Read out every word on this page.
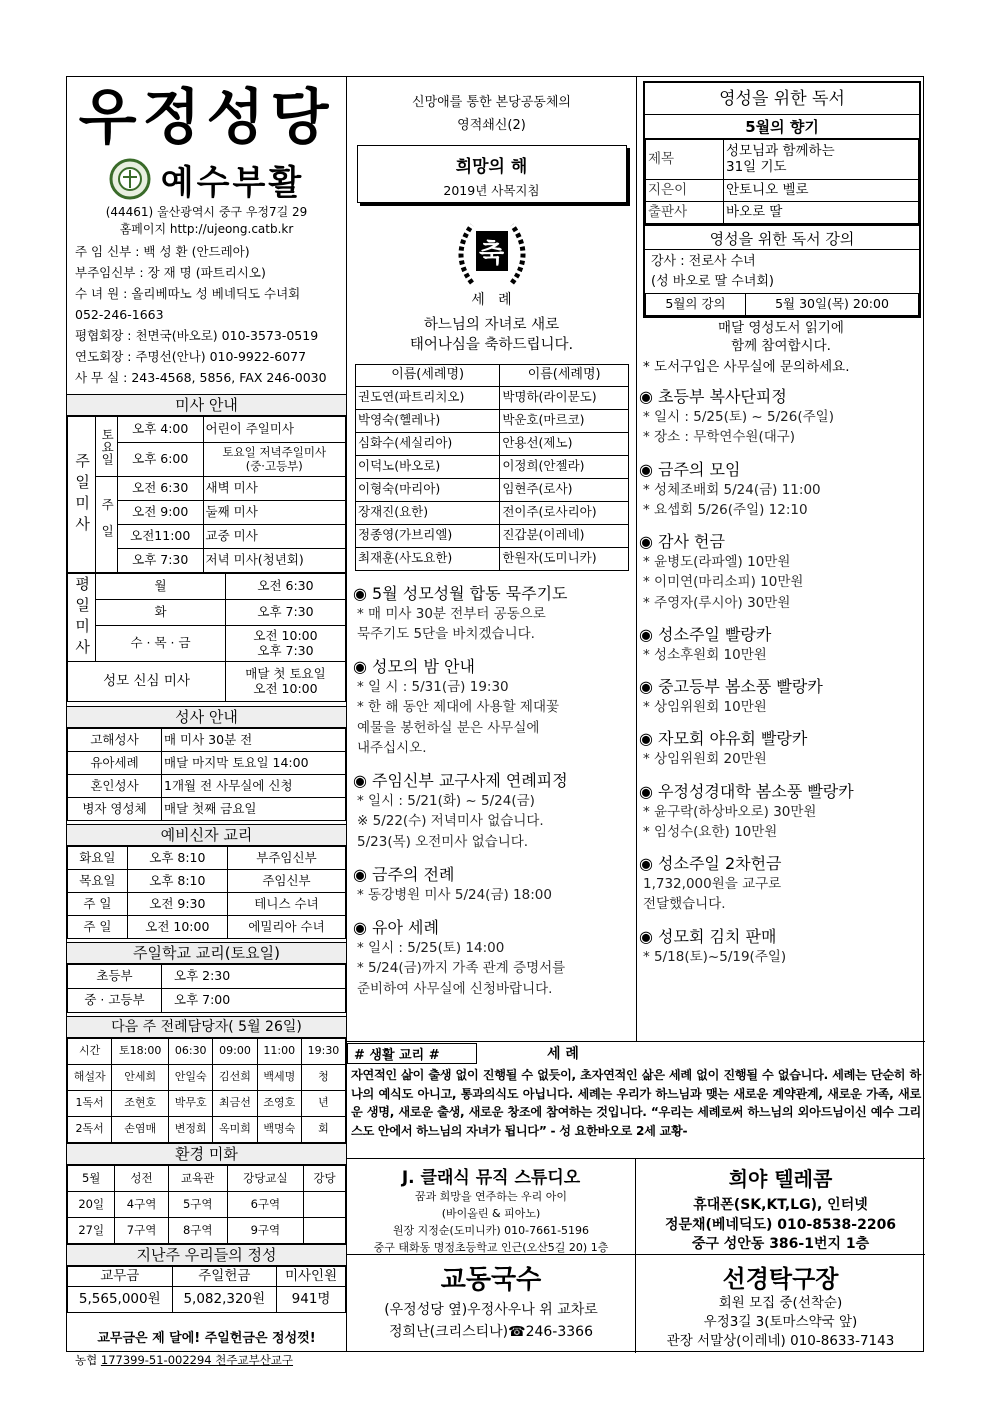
우정성당
예수부활
(44461) 울산광역시 중구 우정7길 29
홈페이지 http://ujeong.catb.kr
주 임 신부 : 백 성 환 (안드레아)
부주임신부 : 장 재 명 (파트리시오)
수 녀 원 : 올리베따노 성 베네딕도 수녀회
052-246-1663
평협회장 : 천면국(바오로) 010-3573-0519
연도회장 : 주명선(안나) 010-9922-6077
사 무 실 : 243-4568, 5856, FAX 246-0030
미사 안내
주일미사	토요일	오후 4:00	어린이 주일미사
		오후 6:00	토요일 저녁주일미사
(중·고등부)
	주일	오전 6:30	새벽 미사
		오전 9:00	둘째 미사
		오전11:00	교중 미사
		오후 7:30	저녁 미사(청년회)
평일미사	월	오전 6:30
	화	오후 7:30
	수 · 목 · 금	오전 10:00
오후 7:30
성모 신심 미사		매달 첫 토요일
오전 10:00
성사 안내
고해성사	매 미사 30분 전
유아세례	매달 마지막 토요일 14:00
혼인성사	1개월 전 사무실에 신청
병자 영성체	매달 첫째 금요일
예비신자 교리
화요일	오후 8:10	부주임신부
목요일	오후 8:10	주임신부
주 일	오전 9:30	테니스 수녀
주 일	오전 10:00	에밀리아 수녀
주일학교 교리(토요일)
초등부	오후 2:30
중 · 고등부	오후 7:00
다음 주 전례담당자( 5월 26일)
시간	토18:00	06:30	09:00	11:00	19:30
해설자	안세희	안일숙	김선희	백세명	청
1독서	조현호	박무호	최금선	조영호	년
2독서	손염매	변정희	옥미희	백명숙	회
환경 미화
5월	성전	교육관	강당교실	강당
20일	4구역	5구역	6구역	
27일	7구역	8구역	9구역	
지난주 우리들의 정성
교무금	주일헌금	미사인원
5,565,000원	5,082,320원	941명
교무금은 제 달에! 주일헌금은 정성껏!
농협 177399-51-002294 천주교부산교구
신망애를 통한 본당공동체의
영적쇄신(2)
희망의 해
2019년 사목지침
축
세   례
하느님의 자녀로 새로
태어나심을 축하드립니다.
이름(세례명)	이름(세례명)
권도연(파트리치오)	박명하(라이문도)
박영숙(헬레나)	박운호(마르코)
심화수(세실리아)	안용선(제노)
이덕노(바오로)	이정희(안젤라)
이형숙(마리아)	임현주(로사)
장재진(요한)	전이주(로사리아)
정종영(가브리엘)	진갑분(이레네)
최재훈(사도요한)	한원자(도미니카)
◉ 5월 성모성월 합동 묵주기도
* 매 미사 30분 전부터 공동으로
묵주기도 5단을 바치겠습니다.
◉ 성모의 밤 안내
* 일 시 : 5/31(금) 19:30
* 한 해 동안 제대에 사용할 제대꽃
예물을 봉헌하실 분은 사무실에
내주십시오.
◉ 주임신부 교구사제 연례피정
* 일시 : 5/21(화) ~ 5/24(금)
※ 5/22(수) 저녁미사 없습니다.
5/23(목) 오전미사 없습니다.
◉ 금주의 전례
* 동강병원 미사 5/24(금) 18:00
◉ 유아 세례
* 일시 : 5/25(토) 14:00
* 5/24(금)까지 가족 관계 증명서를
준비하여 사무실에 신청바랍니다.
영성을 위한 독서
5월의 향기
제목	성모님과 함께하는
31일 기도
지은이	안토니오 벨로
출판사	바오로 딸
영성을 위한 독서 강의
강사 : 전로사 수녀
(성 바오로 딸 수녀회)
5월의 강의	5월 30일(목) 20:00
매달 영성도서 읽기에
함께 참여합시다.
* 도서구입은 사무실에 문의하세요.
◉ 초등부 복사단피정
* 일시 : 5/25(토) ~ 5/26(주일)
* 장소 : 무학연수원(대구)
◉ 금주의 모임
* 성체조배회 5/24(금) 11:00
* 요셉회 5/26(주일) 12:10
◉ 감사 헌금
* 윤병도(라파엘) 10만원
* 이미연(마리소피) 10만원
* 주영자(루시아) 30만원
◉ 성소주일 빨랑카
* 성소후원회 10만원
◉ 중고등부 봄소풍 빨랑카
* 상임위원회 10만원
◉ 자모회 야유회 빨랑카
* 상임위원회 20만원
◉ 우정성경대학 봄소풍 빨랑카
* 윤구락(하상바오로) 30만원
* 임성수(요한) 10만원
◉ 성소주일 2차헌금
1,732,000원을 교구로
전달했습니다.
◉ 성모회 김치 판매
* 5/18(토)~5/19(주일)
# 생활 교리 #	세 례
자연적인 삶이 출생 없이 진행될 수 없듯이, 초자연적인 삶은 세례 없이 진행될 수 없습니다. 세례는 단순히 하나의 예식도 아니고, 통과의식도 아닙니다. 세례는 우리가 하느님과 맺는 새로운 계약관계, 새로운 가족, 새로운 생명, 새로운 출생, 새로운 창조에 참여하는 것입니다. “우리는 세례로써 하느님의 외아드님이신 예수 그리스도 안에서 하느님의 자녀가 됩니다” - 성 요한바오로 2세 교황-
J. 클래식 뮤직 스튜디오
꿈과 희망을 연주하는 우리 아이
(바이올린 & 피아노)
원장 지정순(도미니카) 010-7661-5196
중구 태화동 명정초등학교 인근(오산5길 20) 1층
희야 텔레콤
휴대폰(SK,KT,LG), 인터넷
정문채(베네딕도) 010-8538-2206
중구 성안동 386-1번지 1층
교동국수
(우정성당 옆)우정사우나 위 교차로
정희난(크리스티나)☎246-3366
선경탁구장
회원 모집 중(선착순)
우정3길 3(토마스약국 앞)
관장 서말상(이레네) 010-8633-7143
